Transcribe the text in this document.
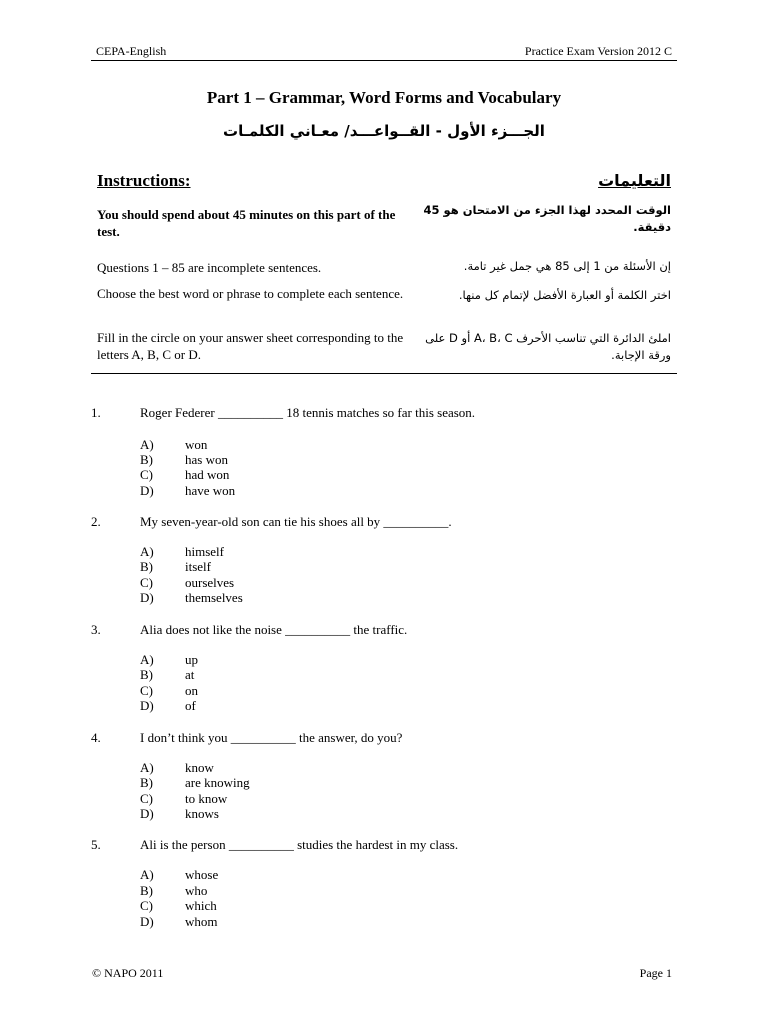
CEPA-English	Practice Exam Version 2012 C
Part 1 – Grammar, Word Forms and Vocabulary
الجـــزء الأول - القــواعـــد/ معـاني الكلمـات
Instructions:	التعليمات
You should spend about 45 minutes on this part of the test.
الوقت المحدد لهذا الجزء من الامتحان هو 45 دقيقة.
Questions 1 – 85 are incomplete sentences.	إن الأسئلة من 1 إلى 85 هي جمل غير تامة.
Choose the best word or phrase to complete each sentence.	اختر الكلمة أو العبارة الأفضل لإتمام كل منها.
Fill in the circle on your answer sheet corresponding to the letters A, B, C or D.
املئ الدائرة التي تناسب الأحرف A، B، C أو D على ورقة الإجابة.
1.	Roger Federer __________ 18 tennis matches so far this season.
A) won
B) has won
C) had won
D) have won
2.	My seven-year-old son can tie his shoes all by __________.
A) himself
B) itself
C) ourselves
D) themselves
3.	Alia does not like the noise __________ the traffic.
A) up
B) at
C) on
D) of
4.	I don’t think you __________ the answer, do you?
A) know
B) are knowing
C) to know
D) knows
5.	Ali is the person __________ studies the hardest in my class.
A) whose
B) who
C) which
D) whom
© NAPO 2011	Page 1
